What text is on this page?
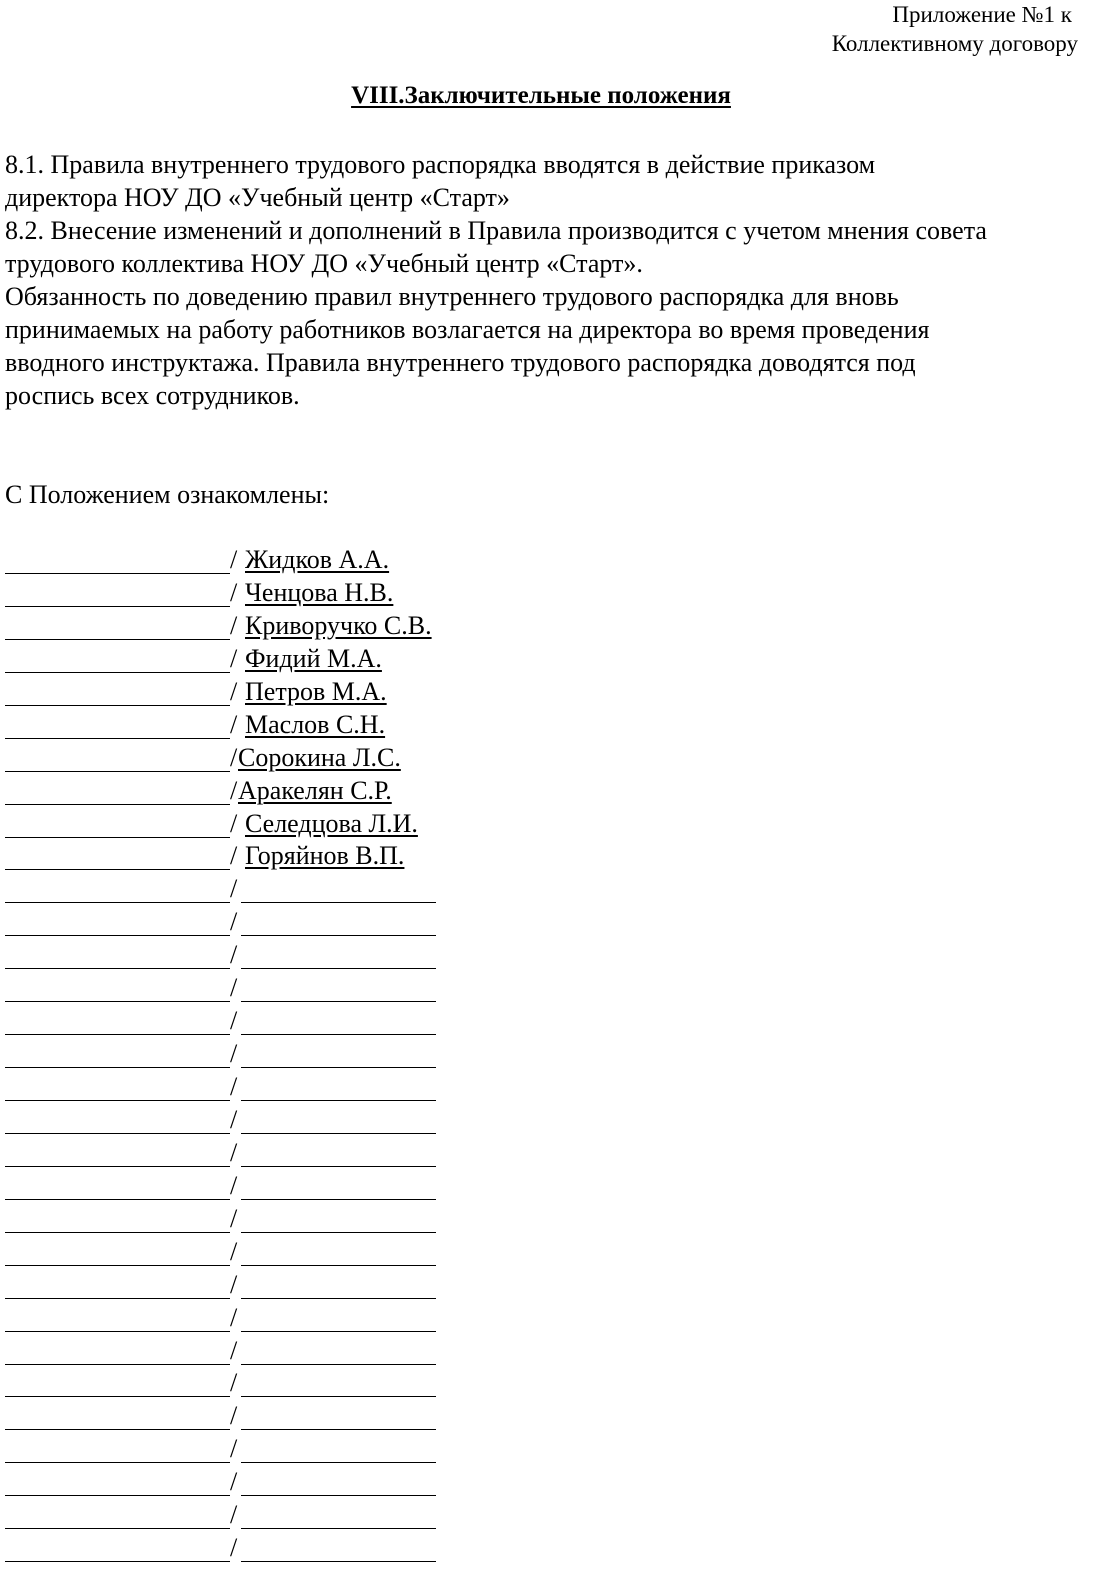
Приложение №1 к
Коллективному договору
VIII.Заключительные положения

8.1. Правила внутреннего трудового распорядка вводятся в действие приказом

директора НОУ ДО «Учебный центр «Старт»

8.2. Внесение изменений и дополнений в Правила производится с учетом мнения совета

трудового коллектива НОУ ДО «Учебный центр «Старт».

Обязанность по доведению правил внутреннего трудового распорядка для вновь

принимаемых на работу работников возлагается на директора во время проведения

вводного инструктажа. Правила внутреннего трудового распорядка доводятся под

роспись всех сотрудников.

С Положением ознакомлены:
/ Жидков А.А.
/ Ченцова Н.В.
/ Криворучко С.В.
/ Фидий М.А.
/ Петров М.А.
/ Маслов С.Н.
/ Сорокина Л.С.
/ Аракелян С.Р.
/ Селедцова Л.И.
/ Горяйнов В.П.
/
/
/
/
/
/
/
/
/
/
/
/
/
/
/
/
/
/
/
/
/
